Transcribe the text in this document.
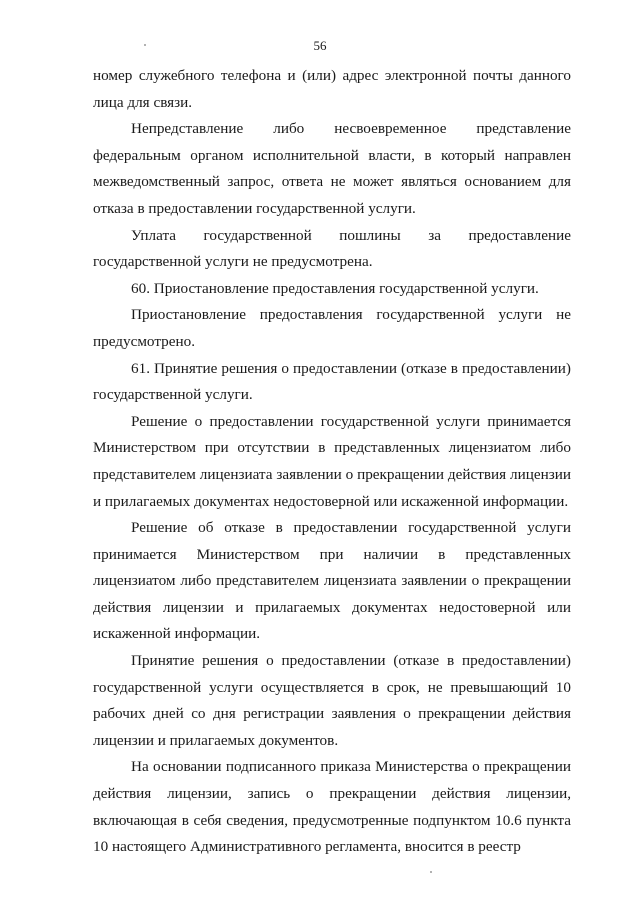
56

номер служебного телефона и (или) адрес электронной почты данного лица для связи.

Непредставление либо несвоевременное представление федеральным органом исполнительной власти, в который направлен межведомственный запрос, ответа не может являться основанием для отказа в предоставлении государственной услуги.

Уплата государственной пошлины за предоставление государственной услуги не предусмотрена.

60. Приостановление предоставления государственной услуги.

Приостановление предоставления государственной услуги не предусмотрено.

61. Принятие решения о предоставлении (отказе в предоставлении) государственной услуги.

Решение о предоставлении государственной услуги принимается Министерством при отсутствии в представленных лицензиатом либо представителем лицензиата заявлении о прекращении действия лицензии и прилагаемых документах недостоверной или искаженной информации.

Решение об отказе в предоставлении государственной услуги принимается Министерством при наличии в представленных лицензиатом либо представителем лицензиата заявлении о прекращении действия лицензии и прилагаемых документах недостоверной или искаженной информации.

Принятие решения о предоставлении (отказе в предоставлении) государственной услуги осуществляется в срок, не превышающий 10 рабочих дней со дня регистрации заявления о прекращении действия лицензии и прилагаемых документов.

На основании подписанного приказа Министерства о прекращении действия лицензии, запись о прекращении действия лицензии, включающая в себя сведения, предусмотренные подпунктом 10.6 пункта 10 настоящего Административного регламента, вносится в реестр
